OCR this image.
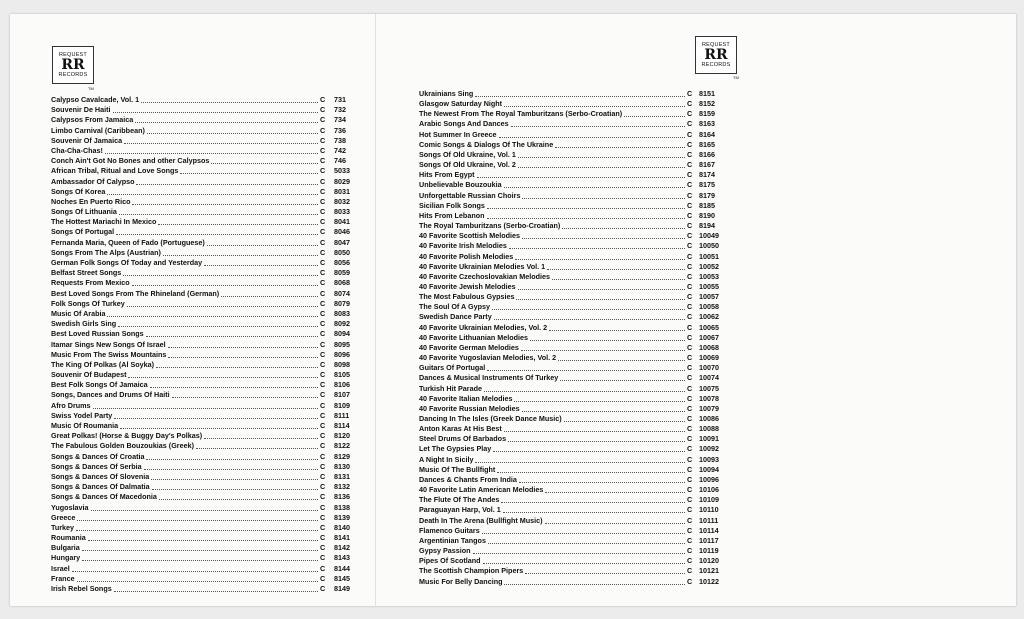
REQUEST
RR
RECORDS
TM
REQUEST
RR
RECORDS
TM
Calypso Cavalcade, Vol. 1	C	731
Souvenir De Haiti	C	732
Calypsos From Jamaica	C	734
Limbo Carnival (Caribbean)	C	736
Souvenir Of Jamaica	C	738
Cha-Cha-Chas!	C	742
Conch Ain't Got No Bones and other Calypsos	C	746
African Tribal, Ritual and Love Songs	C	5033
Ambassador Of Calypso	C	8029
Songs Of Korea	C	8031
Noches En Puerto Rico	C	8032
Songs Of Lithuania	C	8033
The Hottest Mariachi In Mexico	C	8041
Songs Of Portugal	C	8046
Fernanda Maria, Queen of Fado (Portuguese)	C	8047
Songs From The Alps (Austrian)	C	8050
German Folk Songs Of Today and Yesterday	C	8056
Belfast Street Songs	C	8059
Requests From Mexico	C	8068
Best Loved Songs From The Rhineland (German)	C	8074
Folk Songs Of Turkey	C	8079
Music Of Arabia	C	8083
Swedish Girls Sing	C	8092
Best Loved Russian Songs	C	8094
Itamar Sings New Songs Of Israel	C	8095
Music From The Swiss Mountains	C	8096
The King Of Polkas (Al Soyka)	C	8098
Souvenir Of Budapest	C	8105
Best Folk Songs Of Jamaica	C	8106
Songs, Dances and Drums Of Haiti	C	8107
Afro Drums	C	8109
Swiss Yodel Party	C	8111
Music Of Roumania	C	8114
Great Polkas! (Horse & Buggy Day's Polkas)	C	8120
The Fabulous Golden Bouzoukias (Greek)	C	8122
Songs & Dances Of Croatia	C	8129
Songs & Dances Of Serbia	C	8130
Songs & Dances Of Slovenia	C	8131
Songs & Dances Of Dalmatia	C	8132
Songs & Dances Of Macedonia	C	8136
Yugoslavia	C	8138
Greece	C	8139
Turkey	C	8140
Roumania	C	8141
Bulgaria	C	8142
Hungary	C	8143
Israel	C	8144
France	C	8145
Irish Rebel Songs	C	8149
Ukrainians Sing	C 8151
Glasgow Saturday Night	C 8152
The Newest From The Royal Tamburitzans (Serbo-Croatian)	C 8159
Arabic Songs And Dances	C 8163
Hot Summer In Greece	C 8164
Comic Songs & Dialogs Of The Ukraine	C 8165
Songs Of Old Ukraine, Vol. 1	C 8166
Songs Of Old Ukraine, Vol. 2	C 8167
Hits From Egypt	C 8174
Unbelievable Bouzoukia	C 8175
Unforgettable Russian Choirs	C 8179
Sicilian Folk Songs	C 8185
Hits From Lebanon	C 8190
The Royal Tamburitzans (Serbo-Croatian)	C 8194
40 Favorite Scottish Melodies	C 10049
40 Favorite Irish Melodies	C 10050
40 Favorite Polish Melodies	C 10051
40 Favorite Ukrainian Melodies Vol. 1	C 10052
40 Favorite Czechoslovakian Melodies	C 10053
40 Favorite Jewish Melodies	C 10055
The Most Fabulous Gypsies	C 10057
The Soul Of A Gypsy	C 10058
Swedish Dance Party	C 10062
40 Favorite Ukrainian Melodies, Vol. 2	C 10065
40 Favorite Lithuanian Melodies	C 10067
40 Favorite German Melodies	C 10068
40 Favorite Yugoslavian Melodies, Vol. 2	C 10069
Guitars Of Portugal	C 10070
Dances & Musical Instruments Of Turkey	C 10074
Turkish Hit Parade	C 10075
40 Favorite Italian Melodies	C 10078
40 Favorite Russian Melodies	C 10079
Dancing In The Isles (Greek Dance Music)	C 10086
Anton Karas At His Best	C 10088
Steel Drums Of Barbados	C 10091
Let The Gypsies Play	C 10092
A Night In Sicily	C 10093
Music Of The Bullfight	C 10094
Dances & Chants From India	C 10096
40 Favorite Latin American Melodies	C 10106
The Flute Of The Andes	C 10109
Paraguayan Harp, Vol. 1	C 10110
Death In The Arena (Bullfight Music)	C 10111
Flamenco Guitars	C 10114
Argentinian Tangos	C 10117
Gypsy Passion	C 10119
Pipes Of Scotland	C 10120
The Scottish Champion Pipers	C 10121
Music For Belly Dancing	C 10122
